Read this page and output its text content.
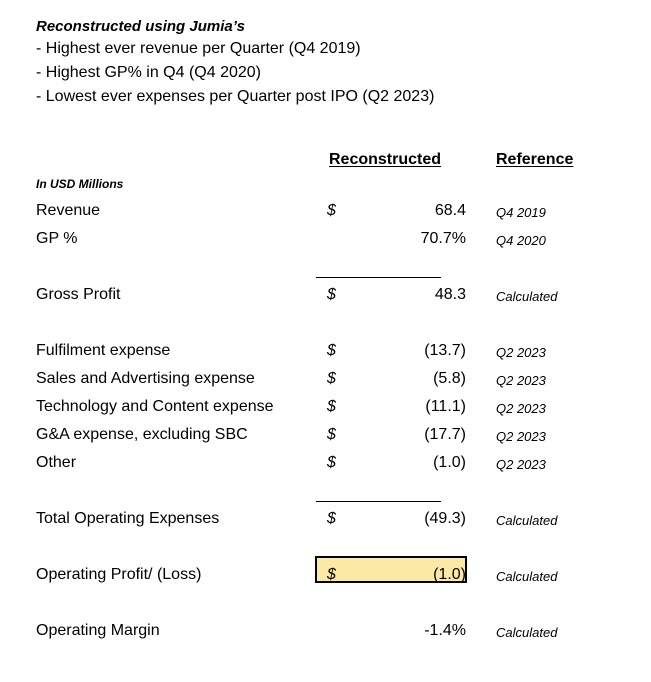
Reconstructed using Jumia’s
- Highest ever revenue per Quarter (Q4 2019)
- Highest GP% in Q4 (Q4 2020)
- Lowest ever expenses per Quarter post IPO (Q2 2023)
Reconstructed	Reference
In USD Millions
Revenue	$	68.4 Q4 2019
GP %	70.7% Q4 2020
Gross Profit	$	48.3 Calculated
Fulfilment expense	$	(13.7) Q2 2023
Sales and Advertising expense	$	(5.8) Q2 2023
Technology and Content expense	$	(11.1) Q2 2023
G&A expense, excluding SBC	$	(17.7) Q2 2023
Other	$	(1.0) Q2 2023
Total Operating Expenses	$	(49.3) Calculated
Operating Profit/ (Loss)	$	(1.0) Calculated
Operating Margin	-1.4% Calculated
